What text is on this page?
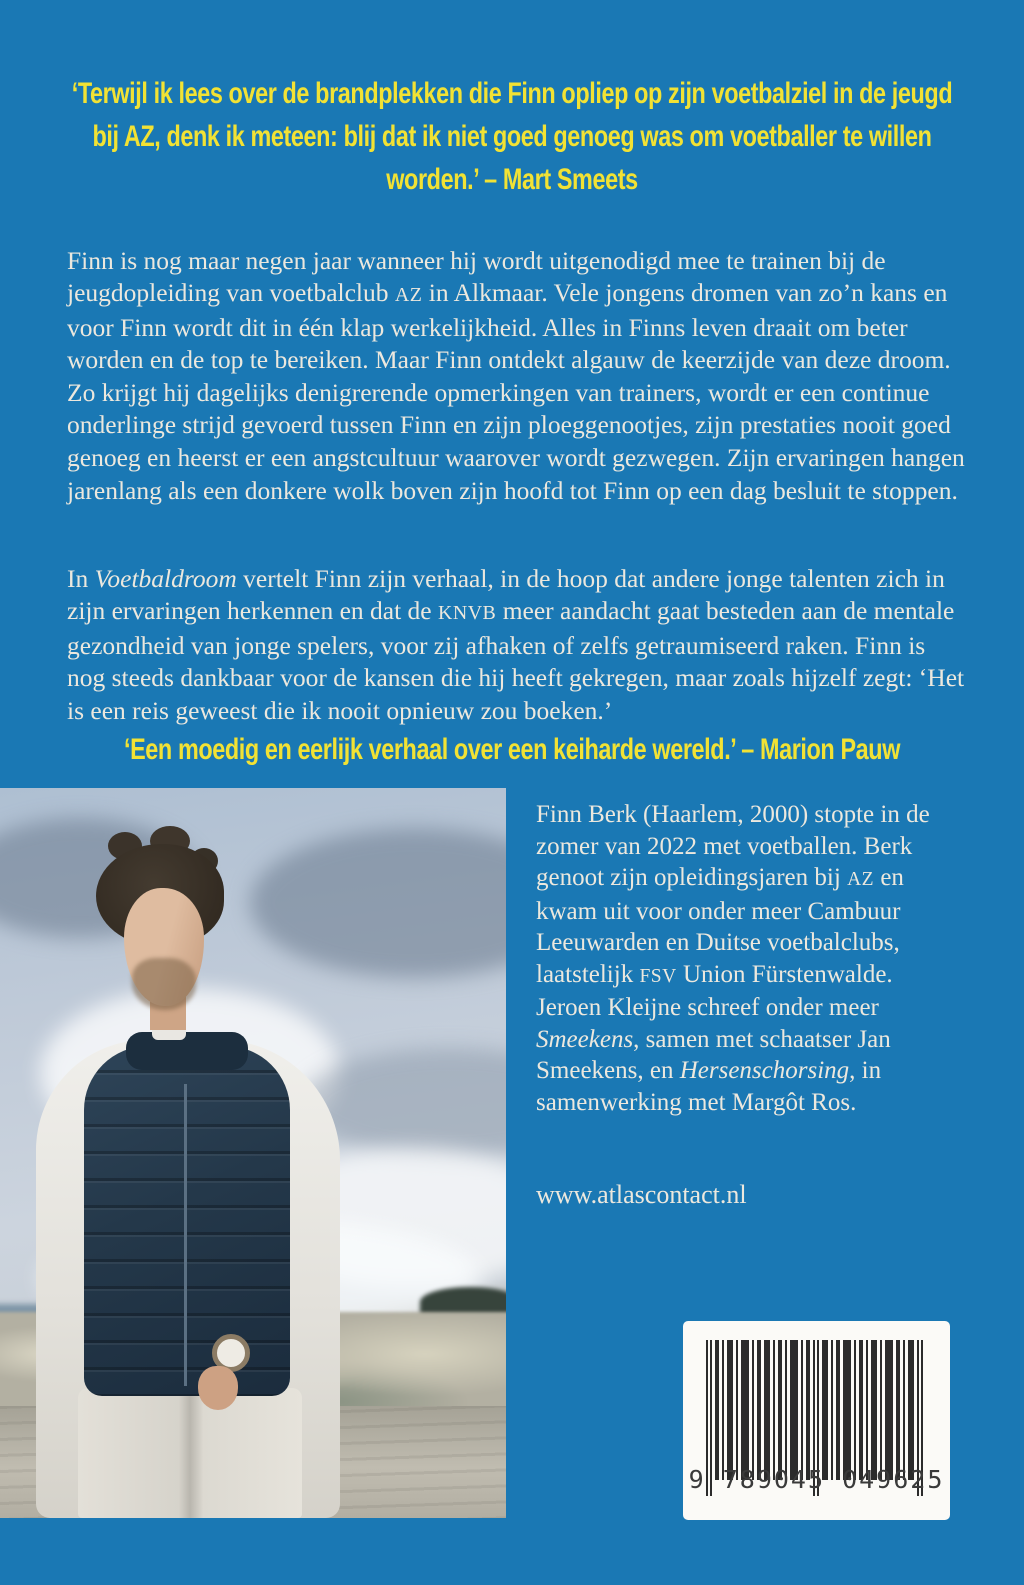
‘Terwijl ik lees over de brandplekken die Finn opliep op zijn voetbalziel in de jeugd bij AZ, denk ik meteen: blij dat ik niet goed genoeg was om voetballer te willen worden.’ – Mart Smeets

Finn is nog maar negen jaar wanneer hij wordt uitgenodigd mee te trainen bij de jeugdopleiding van voetbalclub AZ in Alkmaar. Vele jongens dromen van zo’n kans en voor Finn wordt dit in één klap werkelijkheid. Alles in Finns leven draait om beter worden en de top te bereiken. Maar Finn ontdekt algauw de keerzijde van deze droom. Zo krijgt hij dagelijks denigrerende opmerkingen van trainers, wordt er een continue onderlinge strijd gevoerd tussen Finn en zijn ploeggenootjes, zijn prestaties nooit goed genoeg en heerst er een angstcultuur waarover wordt gezwegen. Zijn ervaringen hangen jarenlang als een donkere wolk boven zijn hoofd tot Finn op een dag besluit te stoppen.

In Voetbaldroom vertelt Finn zijn verhaal, in de hoop dat andere jonge talenten zich in zijn ervaringen herkennen en dat de KNVB meer aandacht gaat besteden aan de mentale gezondheid van jonge spelers, voor zij afhaken of zelfs getraumiseerd raken. Finn is nog steeds dankbaar voor de kansen die hij heeft gekregen, maar zoals hijzelf zegt: ‘Het is een reis geweest die ik nooit opnieuw zou boeken.’

‘Een moedig en eerlijk verhaal over een keiharde wereld.’ – Marion Pauw
Finn Berk (Haarlem, 2000) stopte in de zomer van 2022 met voetballen. Berk genoot zijn opleidingsjaren bij AZ en kwam uit voor onder meer Cambuur Leeuwarden en Duitse voetbalclubs, laatstelijk FSV Union Fürstenwalde.
Jeroen Kleijne schreef onder meer Smeekens, samen met schaatser Jan Smeekens, en Hersenschorsing, in samenwerking met Margôt Ros.
www.atlascontact.nl
9 789045 049625
